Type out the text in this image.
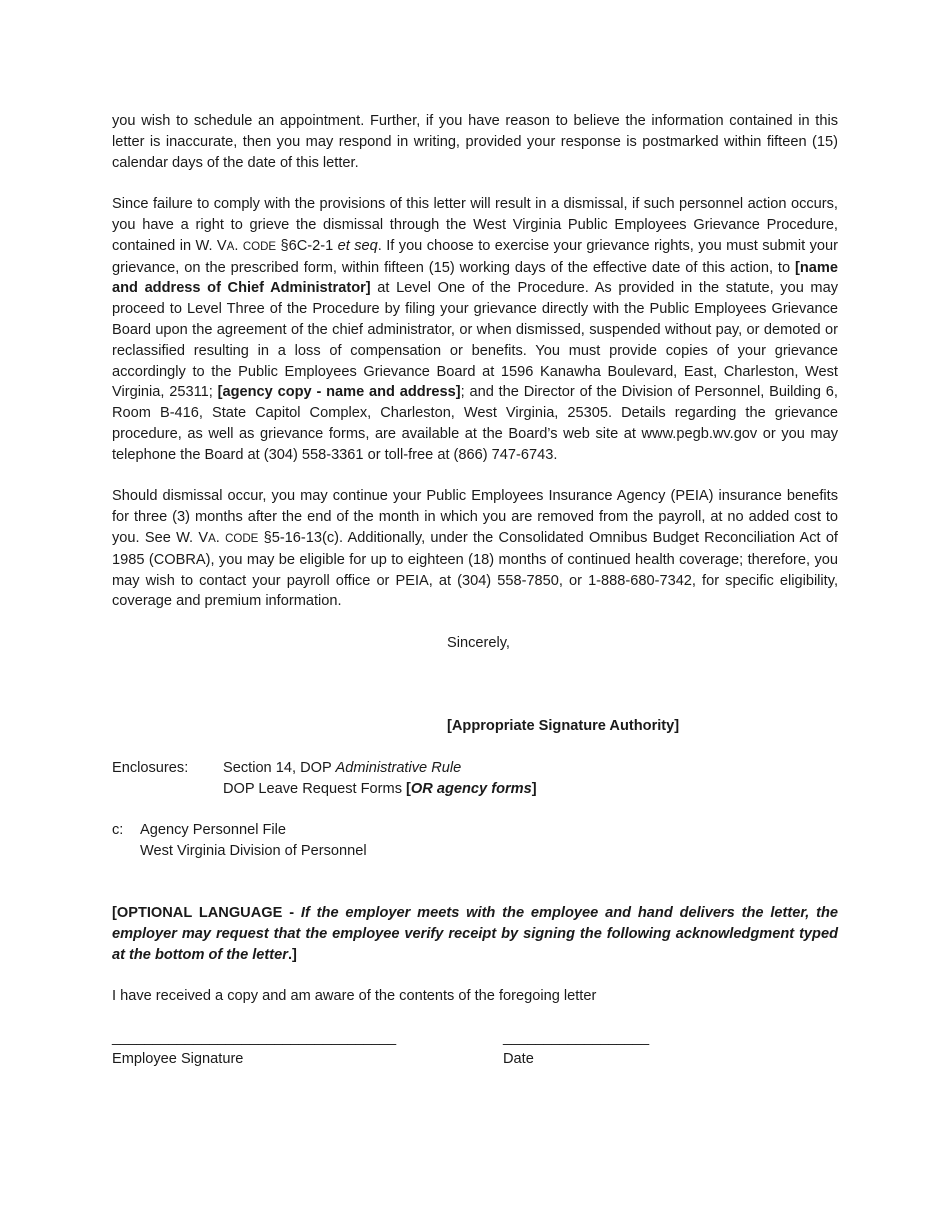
you wish to schedule an appointment. Further, if you have reason to believe the information contained in this letter is inaccurate, then you may respond in writing, provided your response is postmarked within fifteen (15) calendar days of the date of this letter.

Since failure to comply with the provisions of this letter will result in a dismissal, if such personnel action occurs, you have a right to grieve the dismissal through the West Virginia Public Employees Grievance Procedure, contained in W. VA. CODE §6C-2-1 et seq. If you choose to exercise your grievance rights, you must submit your grievance, on the prescribed form, within fifteen (15) working days of the effective date of this action, to [name and address of Chief Administrator] at Level One of the Procedure. As provided in the statute, you may proceed to Level Three of the Procedure by filing your grievance directly with the Public Employees Grievance Board upon the agreement of the chief administrator, or when dismissed, suspended without pay, or demoted or reclassified resulting in a loss of compensation or benefits. You must provide copies of your grievance accordingly to the Public Employees Grievance Board at 1596 Kanawha Boulevard, East, Charleston, West Virginia, 25311; [agency copy - name and address]; and the Director of the Division of Personnel, Building 6, Room B-416, State Capitol Complex, Charleston, West Virginia, 25305. Details regarding the grievance procedure, as well as grievance forms, are available at the Board’s web site at www.pegb.wv.gov or you may telephone the Board at (304) 558-3361 or toll-free at (866) 747-6743.

Should dismissal occur, you may continue your Public Employees Insurance Agency (PEIA) insurance benefits for three (3) months after the end of the month in which you are removed from the payroll, at no added cost to you. See W. VA. CODE §5-16-13(c). Additionally, under the Consolidated Omnibus Budget Reconciliation Act of 1985 (COBRA), you may be eligible for up to eighteen (18) months of continued health coverage; therefore, you may wish to contact your payroll office or PEIA, at (304) 558-7850, or 1-888-680-7342, for specific eligibility, coverage and premium information.

Sincerely,
[Appropriate Signature Authority]
Enclosures:	Section 14, DOP Administrative Rule
DOP Leave Request Forms [OR agency forms]
c:	Agency Personnel File
West Virginia Division of Personnel

[OPTIONAL LANGUAGE - If the employer meets with the employee and hand delivers the letter, the employer may request that the employee verify receipt by signing the following acknowledgment typed at the bottom of the letter.]

I have received a copy and am aware of the contents of the foregoing letter

___________________________________
Employee Signature
__________________
Date
